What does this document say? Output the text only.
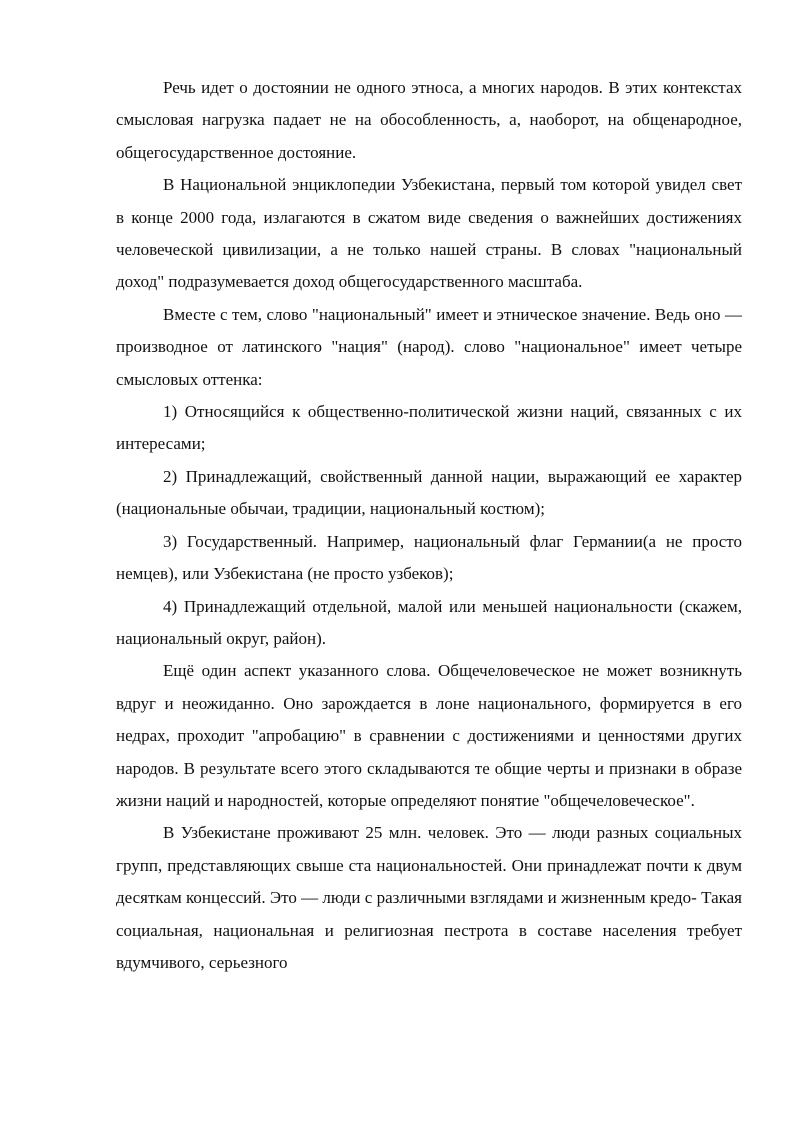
Речь идет о достоянии не одного этноса, а многих народов. В этих контекстах смысловая нагрузка падает не на обособленность, а, наоборот, на общенародное, общегосударственное достояние.

В Национальной энциклопедии Узбекистана, первый том которой увидел свет в конце 2000 года, излагаются в сжатом виде сведения о важнейших достижениях человеческой цивилизации, а не только нашей страны. В словах "национальный доход" подразумевается доход общегосударственного масштаба.

Вместе с тем, слово "национальный" имеет и этническое значение. Ведь оно — производное от латинского "нация" (народ). слово "национальное" имеет четыре смысловых оттенка:

1) Относящийся к общественно-политической жизни наций, связанных с их интересами;

2) Принадлежащий, свойственный данной нации, выражающий ее характер (национальные обычаи, традиции, национальный костюм);

3) Государственный. Например, национальный флаг Германии(а не просто немцев), или Узбекистана (не просто узбеков);

4) Принадлежащий отдельной, малой или меньшей национальности (скажем, национальный округ, район).

Ещё один аспект указанного слова. Общечеловеческое не может возникнуть вдруг и неожиданно. Оно зарождается в лоне национального, формируется в его недрах, проходит "апробацию" в сравнении с достижениями и ценностями других народов. В результате всего этого складываются те общие черты и признаки в образе жизни наций и народностей, которые определяют понятие "общечеловеческое".

В Узбекистане проживают 25 млн. человек. Это — люди разных социальных групп, представляющих свыше ста национальностей. Они принадлежат почти к двум десяткам концессий. Это — люди с различными взглядами и жизненным кредо- Такая социальная, национальная и религиозная пестрота в составе населения требует вдумчивого, серьезного
